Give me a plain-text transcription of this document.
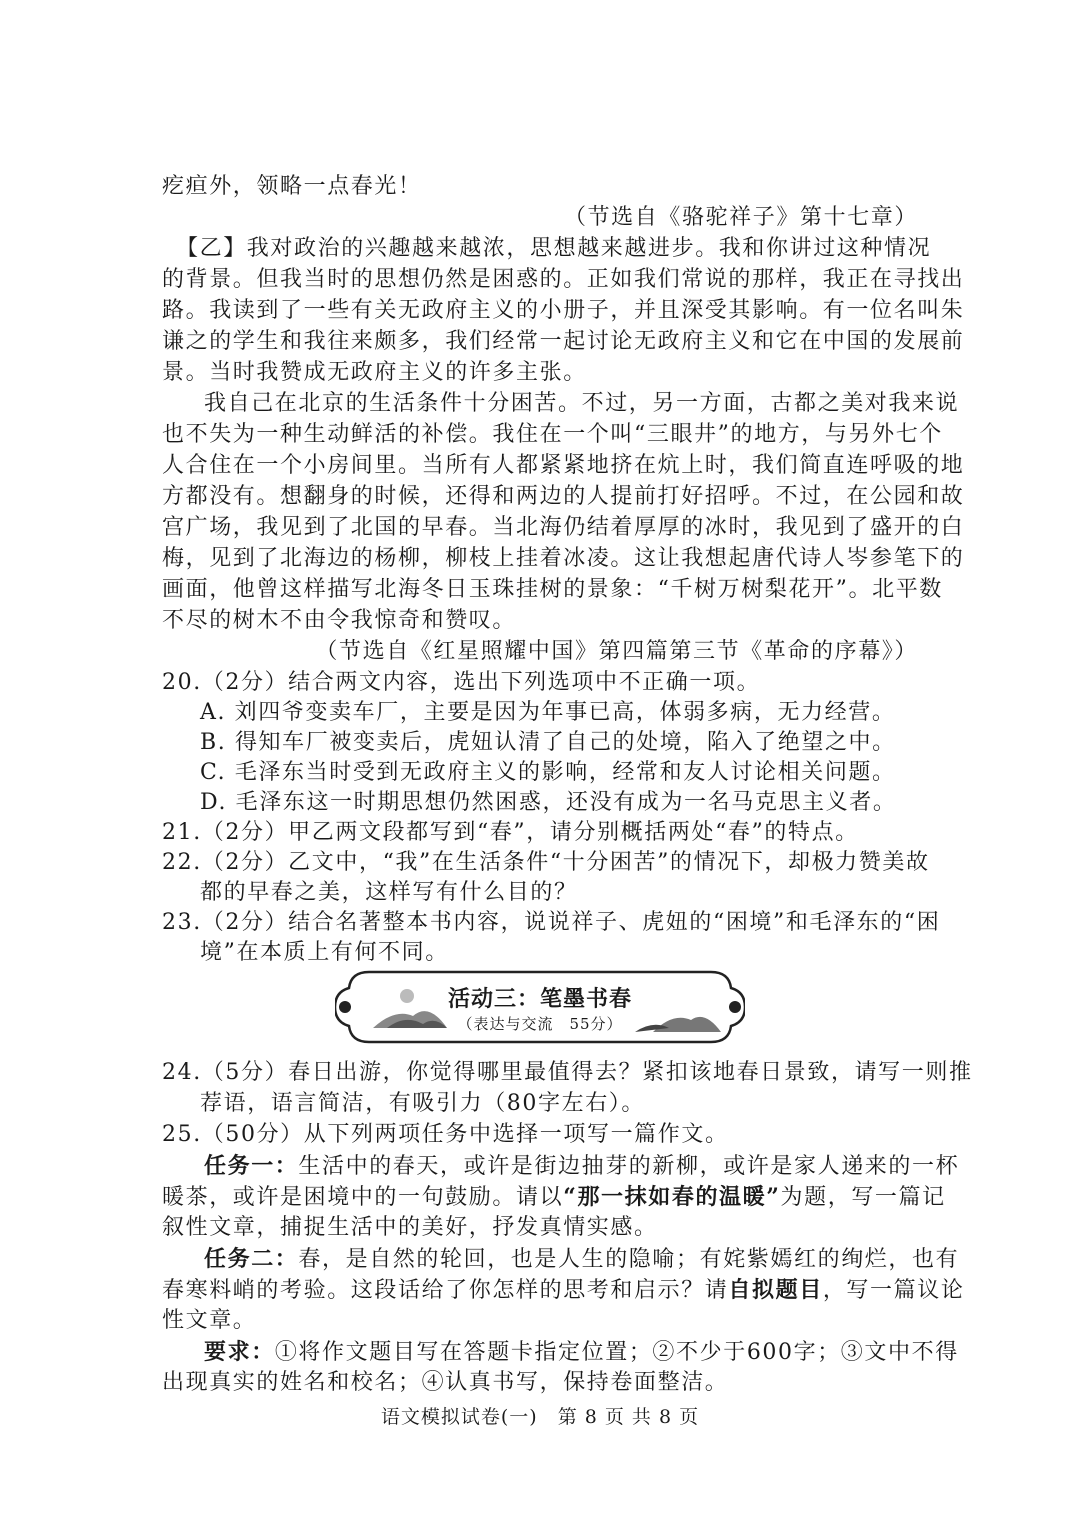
疙疸外，领略一点春光！
（节选自《骆驼祥子》第十七章）
【乙】我对政治的兴趣越来越浓，思想越来越进步。我和你讲过这种情况
的背景。但我当时的思想仍然是困惑的。正如我们常说的那样，我正在寻找出
路。我读到了一些有关无政府主义的小册子，并且深受其影响。有一位名叫朱
谦之的学生和我往来颇多，我们经常一起讨论无政府主义和它在中国的发展前
景。当时我赞成无政府主义的许多主张。
我自己在北京的生活条件十分困苦。不过，另一方面，古都之美对我来说
也不失为一种生动鲜活的补偿。我住在一个叫“三眼井”的地方，与另外七个
人合住在一个小房间里。当所有人都紧紧地挤在炕上时，我们简直连呼吸的地
方都没有。想翻身的时候，还得和两边的人提前打好招呼。不过，在公园和故
宫广场，我见到了北国的早春。当北海仍结着厚厚的冰时，我见到了盛开的白
梅，见到了北海边的杨柳，柳枝上挂着冰凌。这让我想起唐代诗人岑参笔下的
画面，他曾这样描写北海冬日玉珠挂树的景象：“千树万树梨花开”。北平数
不尽的树木不由令我惊奇和赞叹。
（节选自《红星照耀中国》第四篇第三节《革命的序幕》）
20.（2分）结合两文内容，选出下列选项中不正确一项。
A. 刘四爷变卖车厂，主要是因为年事已高，体弱多病，无力经营。
B. 得知车厂被变卖后，虎妞认清了自己的处境，陷入了绝望之中。
C. 毛泽东当时受到无政府主义的影响，经常和友人讨论相关问题。
D. 毛泽东这一时期思想仍然困惑，还没有成为一名马克思主义者。
21.（2分）甲乙两文段都写到“春”，请分别概括两处“春”的特点。
22.（2分）乙文中，“我”在生活条件“十分困苦”的情况下，却极力赞美故
都的早春之美，这样写有什么目的？
23.（2分）结合名著整本书内容，说说祥子、虎妞的“困境”和毛泽东的“困
境”在本质上有何不同。
活动三：笔墨书春
（表达与交流　55分）
24.（5分）春日出游，你觉得哪里最值得去？紧扣该地春日景致，请写一则推
荐语，语言简洁，有吸引力（80字左右）。
25.（50分）从下列两项任务中选择一项写一篇作文。
任务一：生活中的春天，或许是街边抽芽的新柳，或许是家人递来的一杯
暖茶，或许是困境中的一句鼓励。请以“那一抹如春的温暖”为题，写一篇记
叙性文章，捕捉生活中的美好，抒发真情实感。
任务二：春，是自然的轮回，也是人生的隐喻；有姹紫嫣红的绚烂，也有
春寒料峭的考验。这段话给了你怎样的思考和启示？请自拟题目，写一篇议论
性文章。
要求：①将作文题目写在答题卡指定位置；②不少于600字；③文中不得
出现真实的姓名和校名；④认真书写，保持卷面整洁。
语文模拟试卷(一)　第 8 页 共 8 页
